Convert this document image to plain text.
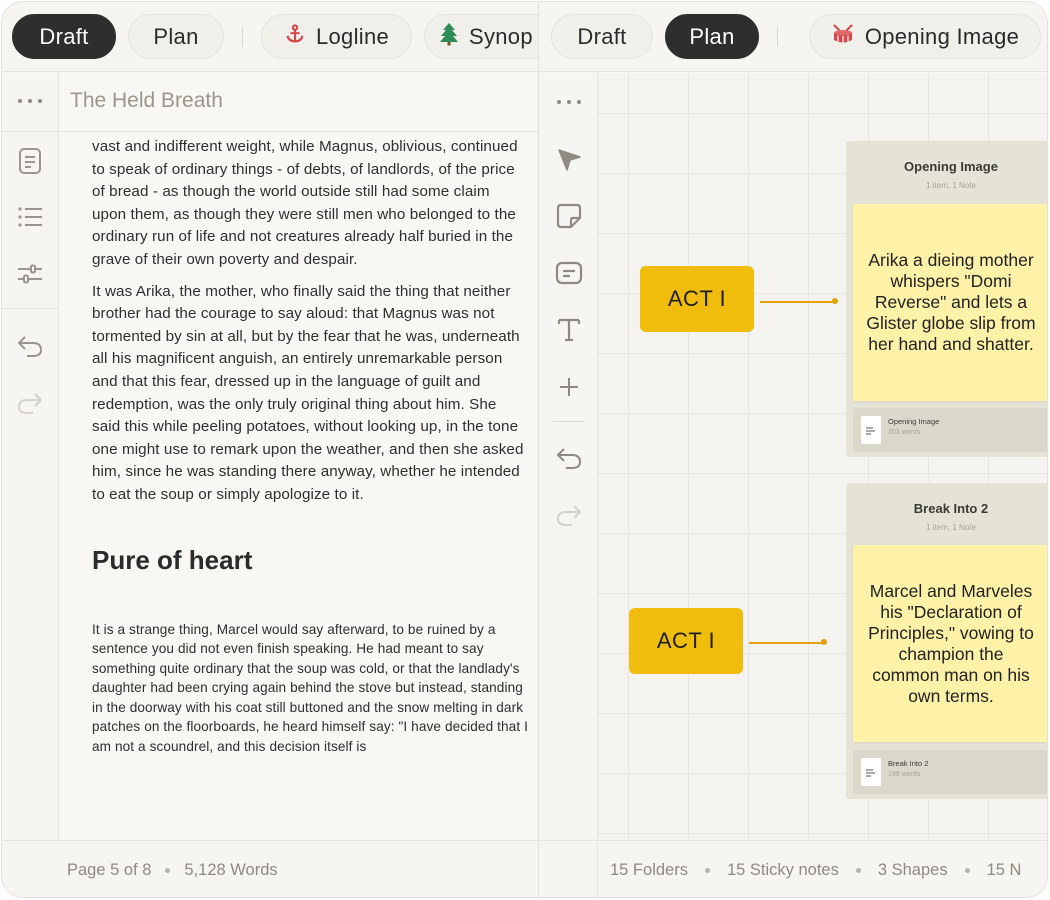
Draft	Plan	Logline	Synop Draft	Plan	Opening Image
The Held Breath

vast and indifferent weight, while Magnus, oblivious, continued to speak of ordinary things - of debts, of landlords, of the price of bread - as though the world outside still had some claim upon them, as though they were still men who belonged to the ordinary run of life and not creatures already half buried in the grave of their own poverty and despair.

It was Arika, the mother, who finally said the thing that neither brother had the courage to say aloud: that Magnus was not tormented by sin at all, but by the fear that he was, underneath all his magnificent anguish, an entirely unremarkable person and that this fear, dressed up in the language of guilt and redemption, was the only truly original thing about him. She said this while peeling potatoes, without looking up, in the tone one might use to remark upon the weather, and then she asked him, since he was standing there anyway, whether he intended to eat the soup or simply apologize to it.

Pure of heart

It is a strange thing, Marcel would say afterward, to be ruined by a sentence you did not even finish speaking. He had meant to say something quite ordinary that the soup was cold, or that the landlady's daughter had been crying again behind the stove but instead, standing in the doorway with his coat still buttoned and the snow melting in dark patches on the floorboards, he heard himself say: "I have decided that I am not a scoundrel, and this decision itself is

Page 5 of 8 5,128 Words
ACT I
Opening Image
1 item, 1 Note
Arika a dieing mother whispers "Domi Reverse" and lets a Glister globe slip from her hand and shatter.
Opening Image
203 words
ACT I
Break Into 2
1 item, 1 Note
Marcel and Marveles his "Declaration of Principles," vowing to champion the common man on his own terms.
Break Into 2
199 words
15 Folders 15 Sticky notes 3 Shapes 15 N
